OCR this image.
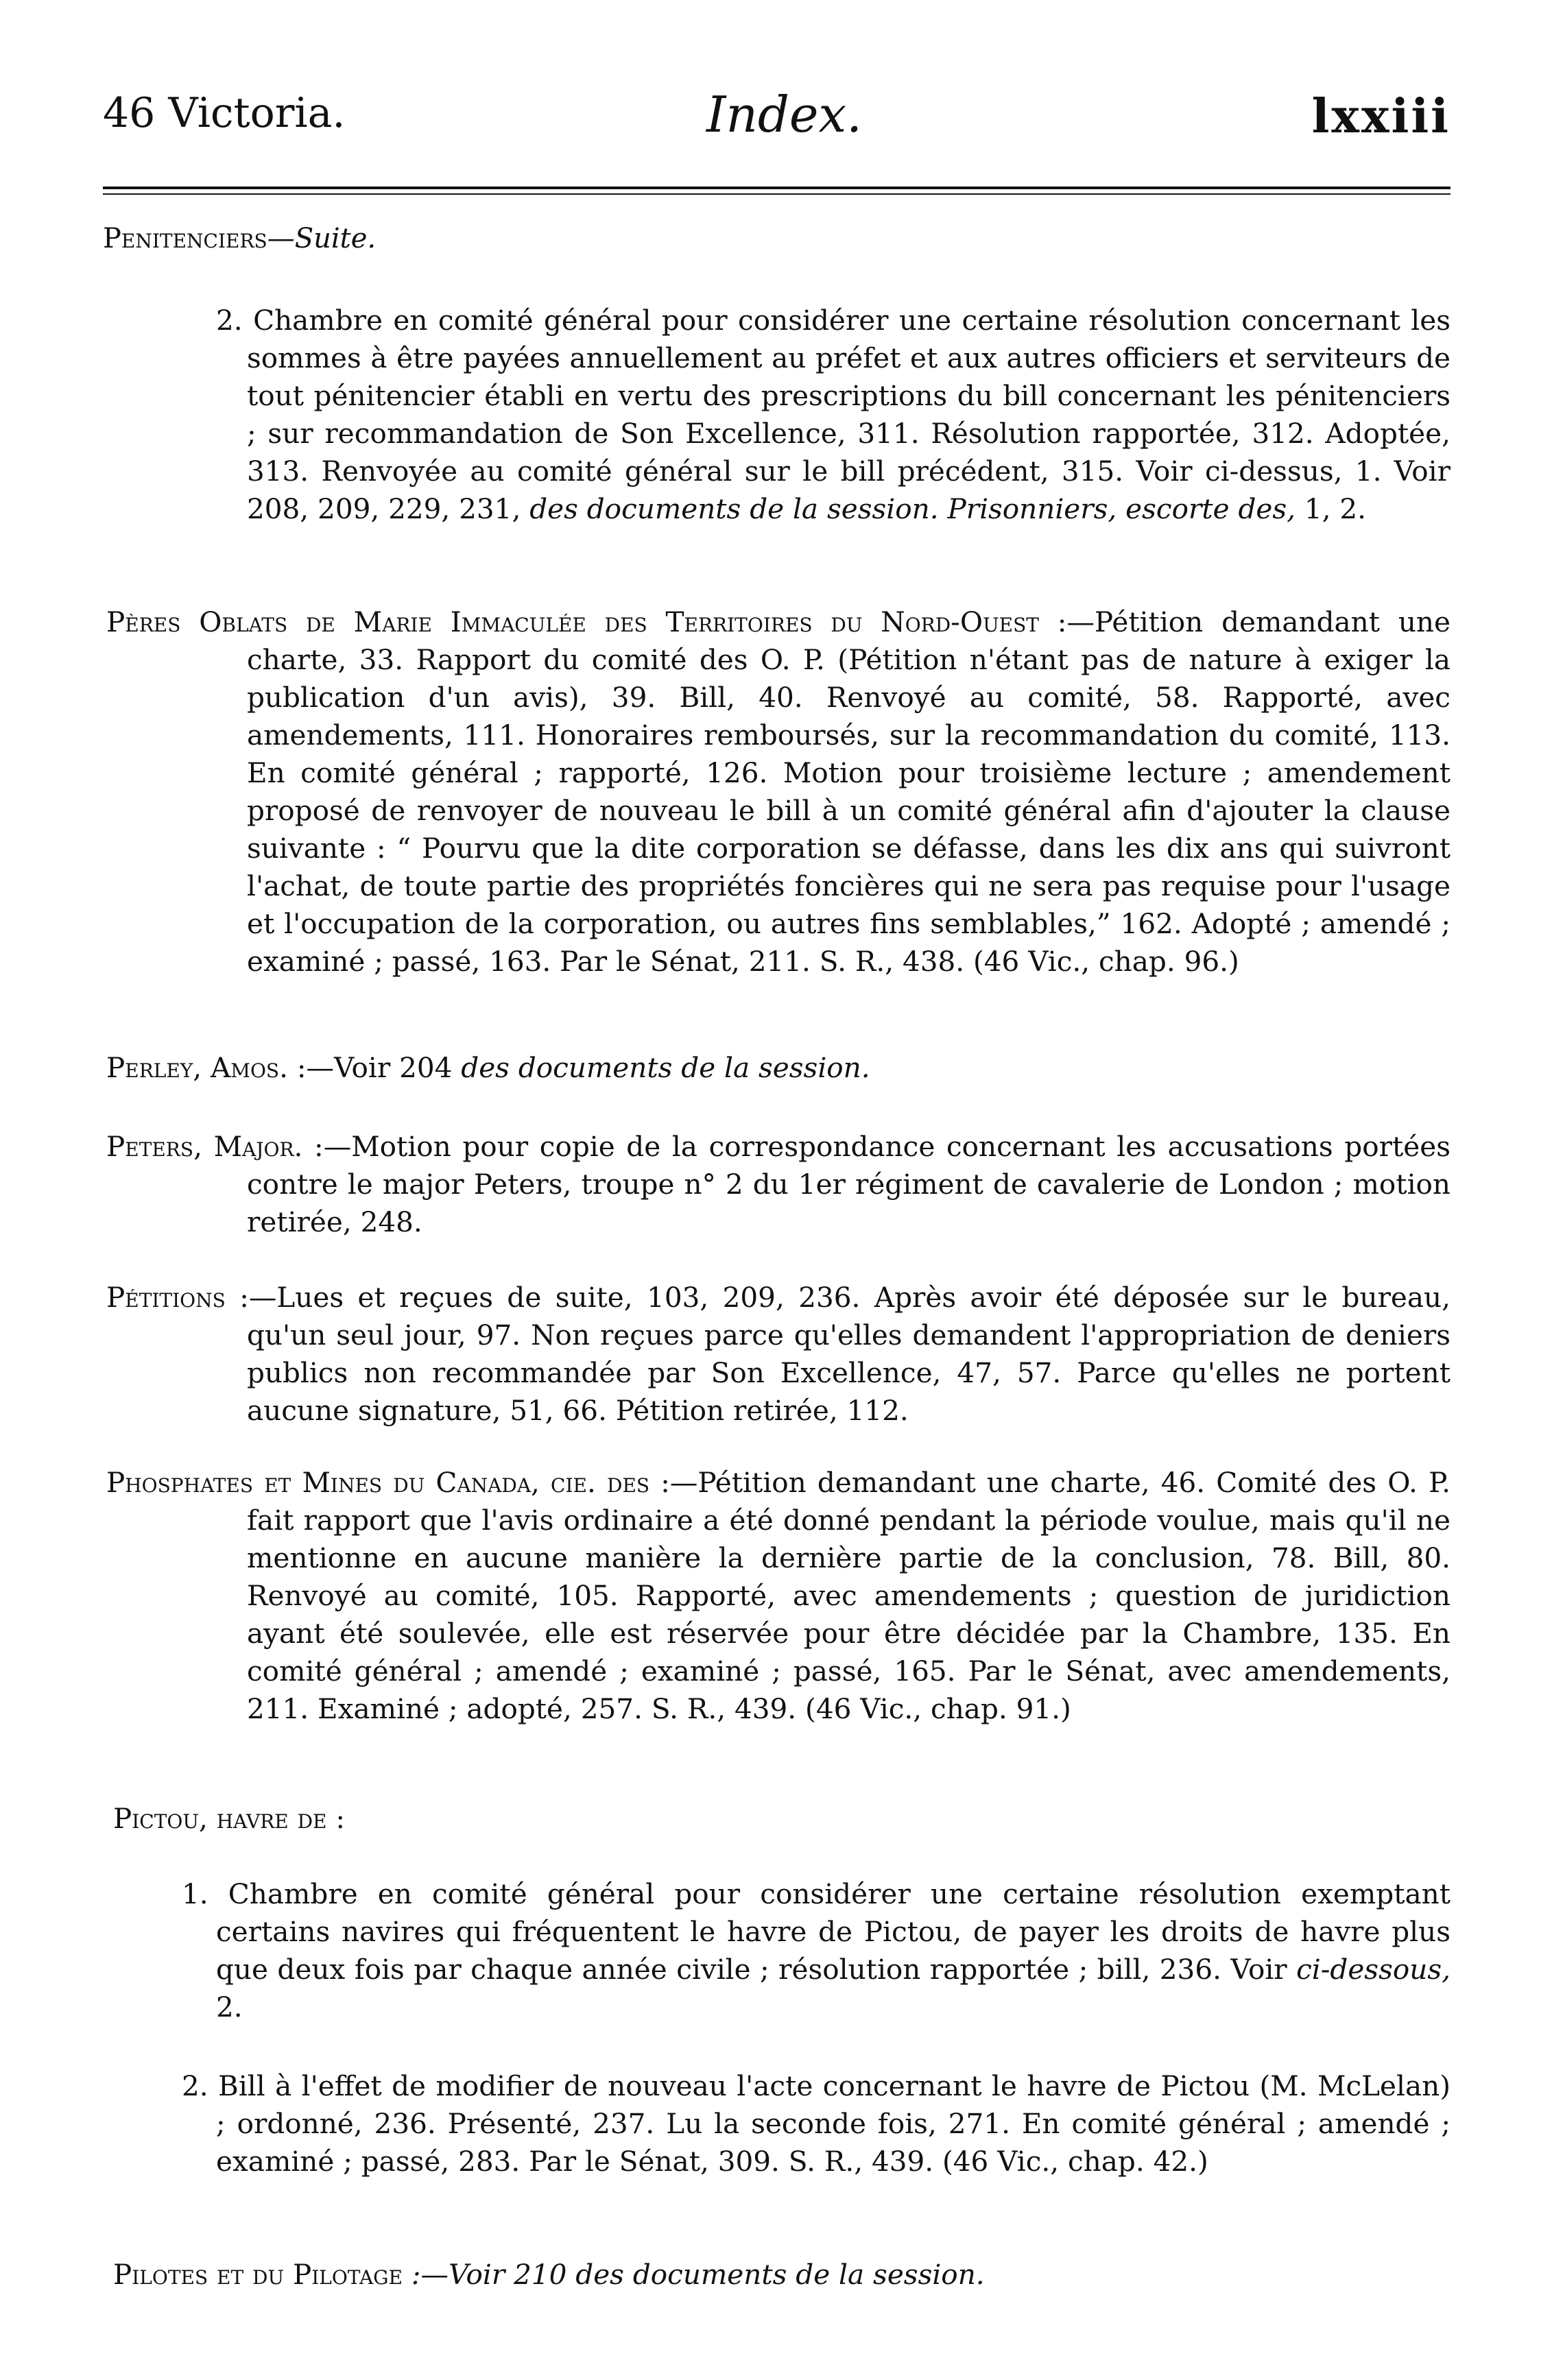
46 Victoria.	Index.	lxxiii
Penitenciers—Suite.
2. Chambre en comité général pour considérer une certaine résolution concernant les sommes à être payées annuellement au préfet et aux autres officiers et serviteurs de tout pénitencier établi en vertu des prescriptions du bill concernant les pénitenciers ; sur recommandation de Son Excellence, 311. Résolution rapportée, 312. Adoptée, 313. Renvoyée au comité général sur le bill précédent, 315. Voir ci-dessus, 1. Voir 208, 209, 229, 231, des documents de la session. Prisonniers, escorte des, 1, 2.
Pères Oblats de Marie Immaculée des Territoires du Nord-Ouest :—Pétition demandant une charte, 33. Rapport du comité des O. P. (Pétition n'étant pas de nature à exiger la publication d'un avis), 39. Bill, 40. Renvoyé au comité, 58. Rapporté, avec amendements, 111. Honoraires remboursés, sur la recommandation du comité, 113. En comité général ; rapporté, 126. Motion pour troisième lecture ; amendement proposé de renvoyer de nouveau le bill à un comité général afin d'ajouter la clause suivante : “ Pourvu que la dite corporation se défasse, dans les dix ans qui suivront l'achat, de toute partie des propriétés foncières qui ne sera pas requise pour l'usage et l'occupation de la corporation, ou autres fins semblables,” 162. Adopté ; amendé ; examiné ; passé, 163. Par le Sénat, 211. S. R., 438. (46 Vic., chap. 96.)
Perley, Amos. :—Voir 204 des documents de la session.
Peters, Major. :—Motion pour copie de la correspondance concernant les accusations portées contre le major Peters, troupe n° 2 du 1er régiment de cavalerie de London ; motion retirée, 248.
Pétitions :—Lues et reçues de suite, 103, 209, 236. Après avoir été déposée sur le bureau, qu'un seul jour, 97. Non reçues parce qu'elles demandent l'appropriation de deniers publics non recommandée par Son Excellence, 47, 57. Parce qu'elles ne portent aucune signature, 51, 66. Pétition retirée, 112.
Phosphates et Mines du Canada, cie. des :—Pétition demandant une charte, 46. Comité des O. P. fait rapport que l'avis ordinaire a été donné pendant la période voulue, mais qu'il ne mentionne en aucune manière la dernière partie de la conclusion, 78. Bill, 80. Renvoyé au comité, 105. Rapporté, avec amendements ; question de juridiction ayant été soulevée, elle est réservée pour être décidée par la Chambre, 135. En comité général ; amendé ; examiné ; passé, 165. Par le Sénat, avec amendements, 211. Examiné ; adopté, 257. S. R., 439. (46 Vic., chap. 91.)
Pictou, havre de :
1. Chambre en comité général pour considérer une certaine résolution exemptant certains navires qui fréquentent le havre de Pictou, de payer les droits de havre plus que deux fois par chaque année civile ; résolution rapportée ; bill, 236. Voir ci-dessous, 2.
2. Bill à l'effet de modifier de nouveau l'acte concernant le havre de Pictou (M. McLelan) ; ordonné, 236. Présenté, 237. Lu la seconde fois, 271. En comité général ; amendé ; examiné ; passé, 283. Par le Sénat, 309. S. R., 439. (46 Vic., chap. 42.)
Pilotes et du Pilotage :—Voir 210 des documents de la session.
